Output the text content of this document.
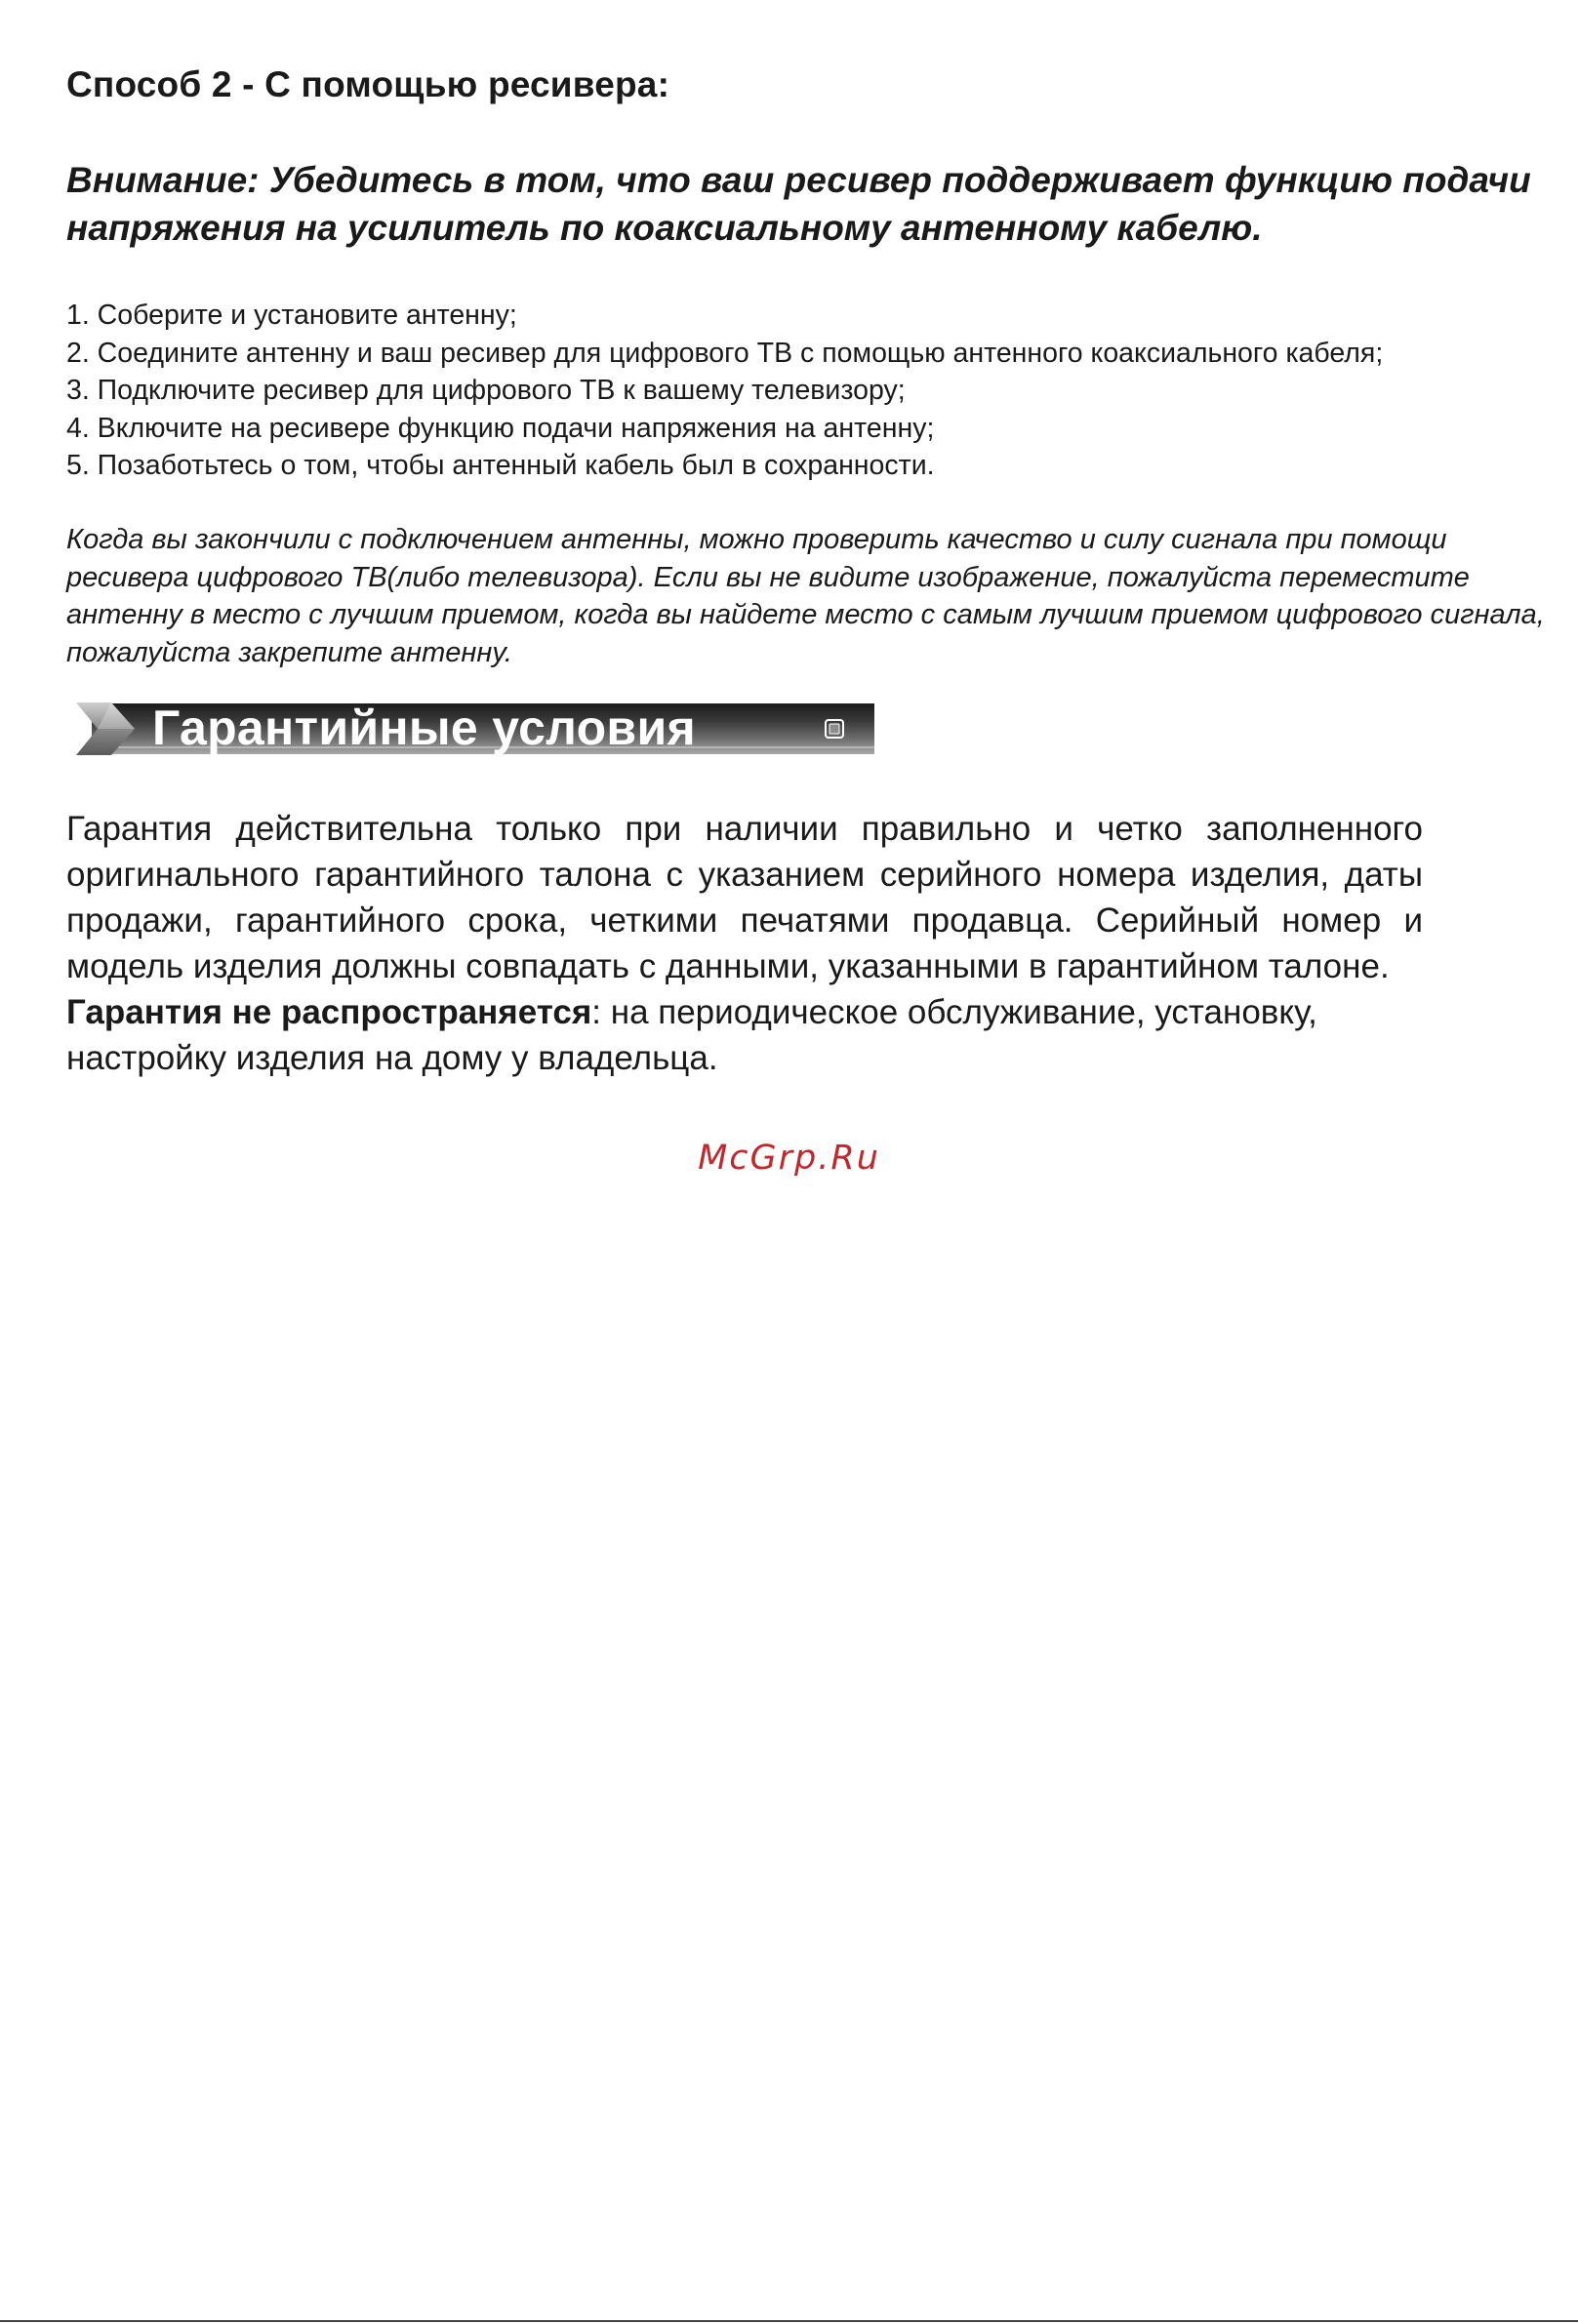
Способ 2 - С помощью ресивера:

Внимание: Убедитесь в том, что ваш ресивер поддерживает функцию подачи напряжения на усилитель по коаксиальному антенному кабелю.

1. Соберите и установите антенну;
2. Соедините антенну и ваш ресивер для цифрового ТВ с помощью антенного коаксиального кабеля;
3. Подключите ресивер для цифрового ТВ к вашему телевизору;
4. Включите на ресивере функцию подачи напряжения на антенну;
5. Позаботьтесь о том, чтобы антенный кабель был в сохранности.

Когда вы закончили с подключением антенны, можно проверить качество и силу сигнала при помощи ресивера цифрового ТВ(либо телевизора). Если вы не видите изображение, пожалуйста переместите антенну в место с лучшим приемом, когда вы найдете место с самым лучшим приемом цифрового сигнала, пожалуйста закрепите антенну.

Гарантийные условия
Гарантия действительна только при наличии правильно и четко заполненного оригинального гарантийного талона с указанием серийного номера изделия, даты продажи, гарантийного срока, четкими печатями продавца. Серийный номер и модель изделия должны совпадать с данными, указанными в гарантийном талоне.
Гарантия не распространяется: на периодическое обслуживание, установку, настройку изделия на дому у владельца.

McGrp.Ru
